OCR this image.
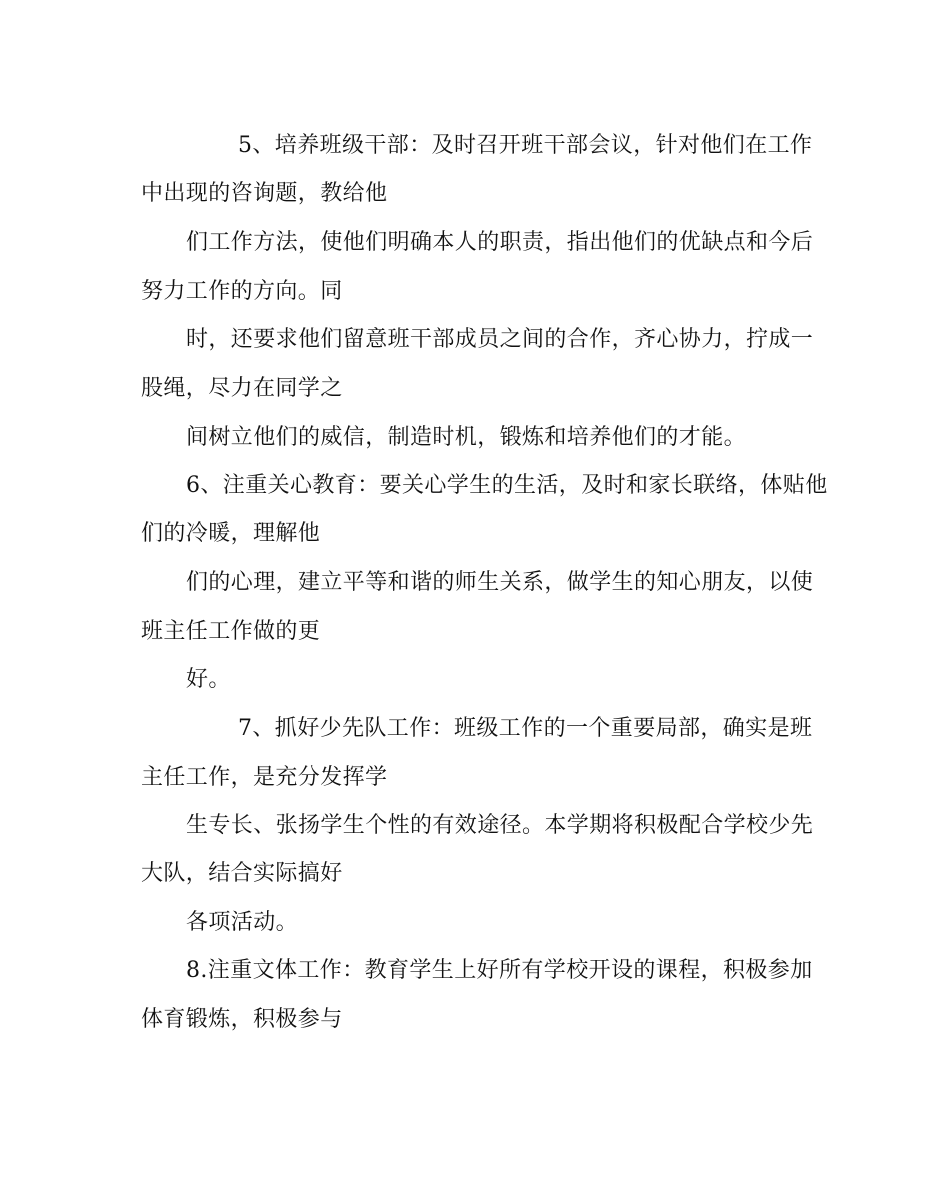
5、培养班级干部：及时召开班干部会议，针对他们在工作
中出现的咨询题，教给他
们工作方法，使他们明确本人的职责，指出他们的优缺点和今后
努力工作的方向。同
时，还要求他们留意班干部成员之间的合作，齐心协力，拧成一
股绳，尽力在同学之
间树立他们的威信，制造时机，锻炼和培养他们的才能。
6、注重关心教育：要关心学生的生活，及时和家长联络，体贴他
们的冷暖，理解他
们的心理，建立平等和谐的师生关系，做学生的知心朋友，以使
班主任工作做的更
好。
7、抓好少先队工作：班级工作的一个重要局部，确实是班
主任工作，是充分发挥学
生专长、张扬学生个性的有效途径。本学期将积极配合学校少先
大队，结合实际搞好
各项活动。
8.注重文体工作：教育学生上好所有学校开设的课程，积极参加
体育锻炼，积极参与
